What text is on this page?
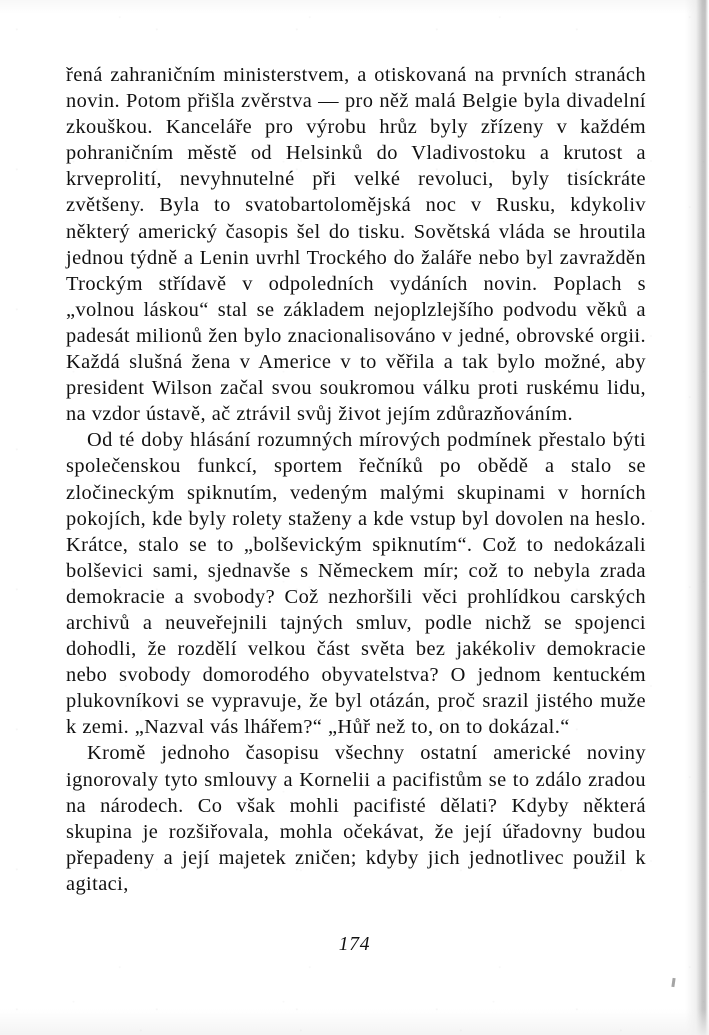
řená zahraničním ministerstvem, a otiskovaná na prvních stranách novin. Potom přišla zvěrstva — pro něž malá Belgie byla divadelní zkouškou. Kanceláře pro výrobu hrůz byly zřízeny v každém pohraničním městě od Helsinků do Vladivostoku a krutost a krveprolití, nevyhnutelné při velké revoluci, byly tisíckráte zvětšeny. Byla to svatobartolomějská noc v Rusku, kdykoliv některý americký časopis šel do tisku. Sovětská vláda se hroutila jednou týdně a Lenin uvrhl Trockého do žaláře nebo byl zavražděn Trockým střídavě v odpoledních vydáních novin. Poplach s „volnou láskou“ stal se základem nejoplzlejšího podvodu věků a padesát milionů žen bylo znacionalisováno v jedné, obrovské orgii. Každá slušná žena v Americe v to věřila a tak bylo možné, aby president Wilson začal svou soukromou válku proti ruskému lidu, na vzdor ústavě, ač ztrávil svůj život jejím zdůrazňováním.

Od té doby hlásání rozumných mírových podmínek přestalo býti společenskou funkcí, sportem řečníků po obědě a stalo se zločineckým spiknutím, vedeným malými skupinami v horních pokojích, kde byly rolety staženy a kde vstup byl dovolen na heslo. Krátce, stalo se to „bolševickým spiknutím“. Což to nedokázali bolševici sami, sjednavše s Německem mír; což to nebyla zrada demokracie a svobody? Což nezhoršili věci prohlídkou carských archivů a neuveřejnili tajných smluv, podle nichž se spojenci dohodli, že rozdělí velkou část světa bez jakékoliv demokracie nebo svobody domorodého obyvatelstva? O jednom kentuckém plukovníkovi se vypravuje, že byl otázán, proč srazil jistého muže k zemi. „Nazval vás lhářem?“ „Hůř než to, on to dokázal.“

Kromě jednoho časopisu všechny ostatní americké noviny ignorovaly tyto smlouvy a Kornelii a pacifistům se to zdálo zradou na národech. Co však mohli pacifisté dělati? Kdyby některá skupina je rozšiřovala, mohla očekávat, že její úřadovny budou přepadeny a její majetek zničen; kdyby jich jednotlivec použil k agitaci,

174
